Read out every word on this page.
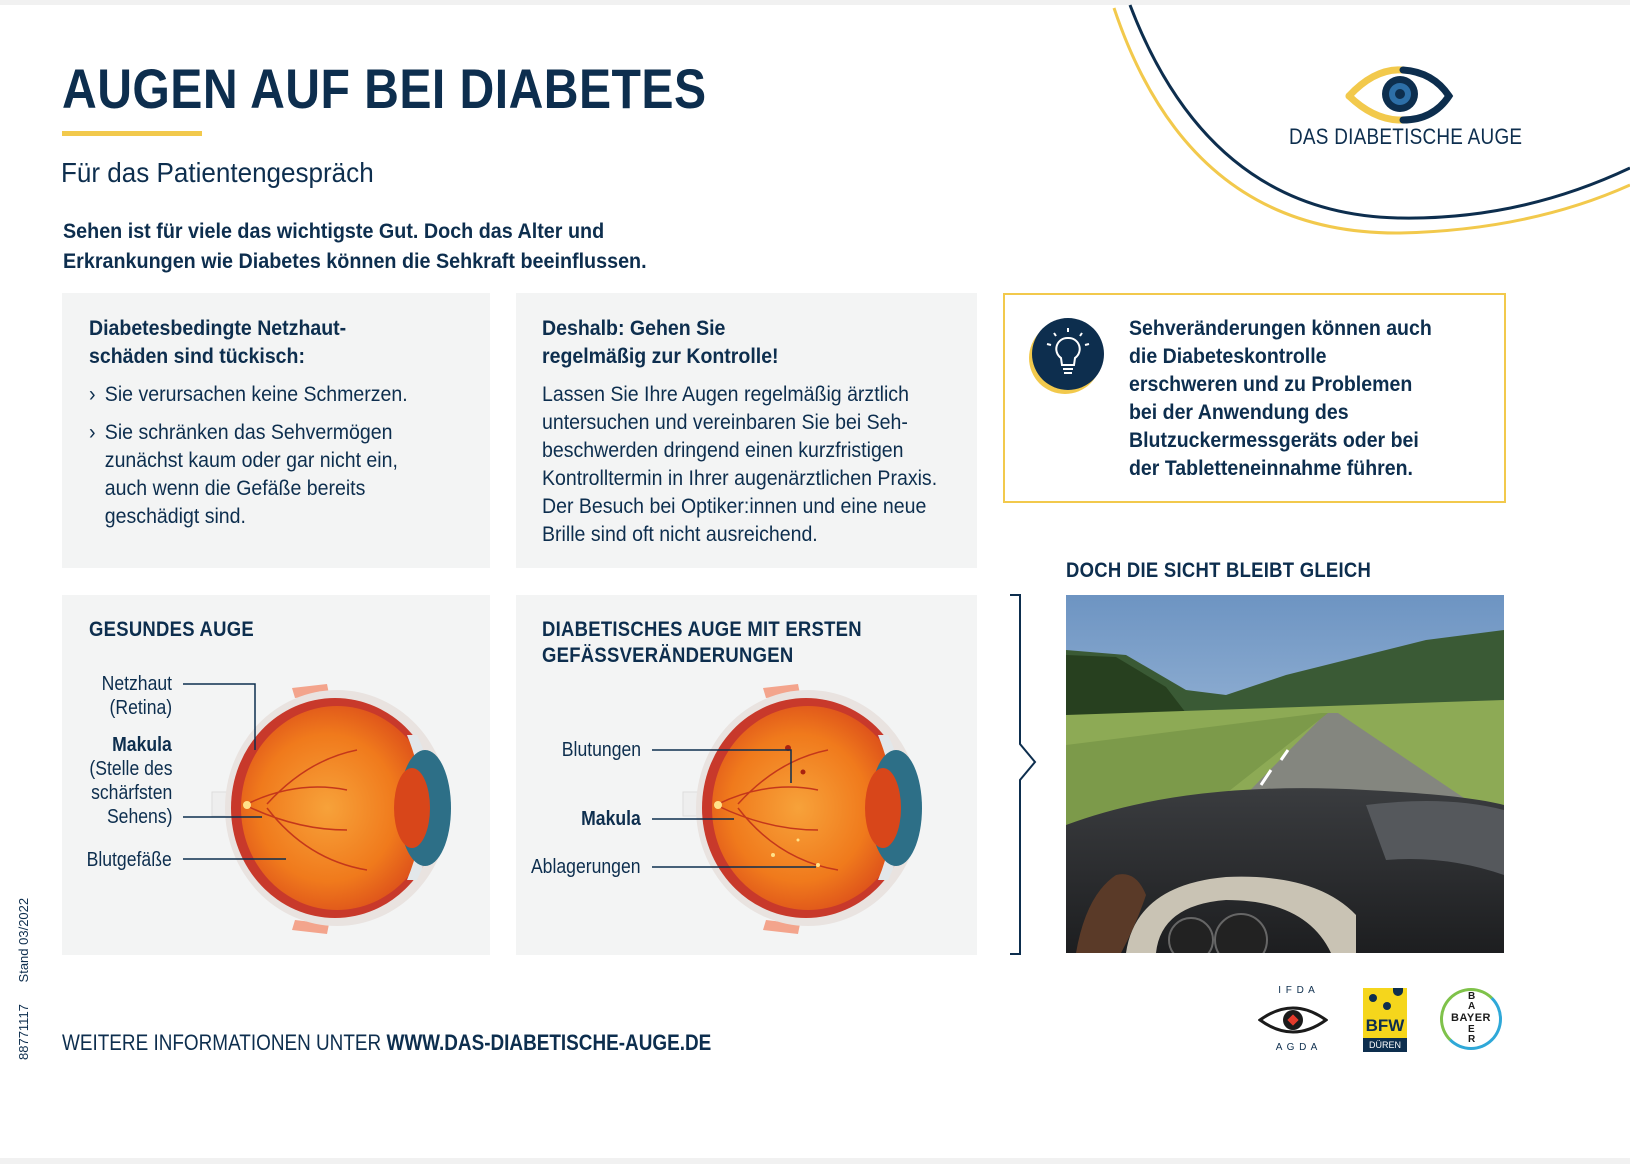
DAS DIABETISCHE AUGE
AUGEN AUF BEI DIABETES
Für das Patientengespräch
Sehen ist für viele das wichtigste Gut. Doch das Alter und Erkrankungen wie Diabetes können die Sehkraft beeinflussen.
Diabetesbedingte Netzhaut-
schäden sind tückisch:
› Sie verursachen keine Schmerzen.
› Sie schränken das Sehvermögen zunächst kaum oder gar nicht ein, auch wenn die Gefäße bereits geschädigt sind.
Deshalb: Gehen Sie
regelmäßig zur Kontrolle!
Lassen Sie Ihre Augen regelmäßig ärztlich untersuchen und vereinbaren Sie bei Seh-beschwerden dringend einen kurzfristigen Kontrolltermin in Ihrer augenärztlichen Praxis. Der Besuch bei Optiker:innen und eine neue Brille sind oft nicht ausreichend.
Sehveränderungen können auch die Diabeteskontrolle erschweren und zu Problemen bei der Anwendung des Blutzuckermessgeräts oder bei der Tabletteneinnahme führen.
GESUNDES AUGE
Netzhaut
(Retina)
Makula
(Stelle des
schärfsten
Sehens)
Blutgefäße
DIABETISCHES AUGE MIT ERSTEN
GEFÄSSVERÄNDERUNGEN
Blutungen
Makula
Ablagerungen
DOCH DIE SICHT BLEIBT GLEICH
WEITERE INFORMATIONEN UNTER WWW.DAS-DIABETISCHE-AUGE.DE
88771117 Stand 03/2022
I F D A
A G D A
BFW
DÜREN
BAYER
B
A
E
R
